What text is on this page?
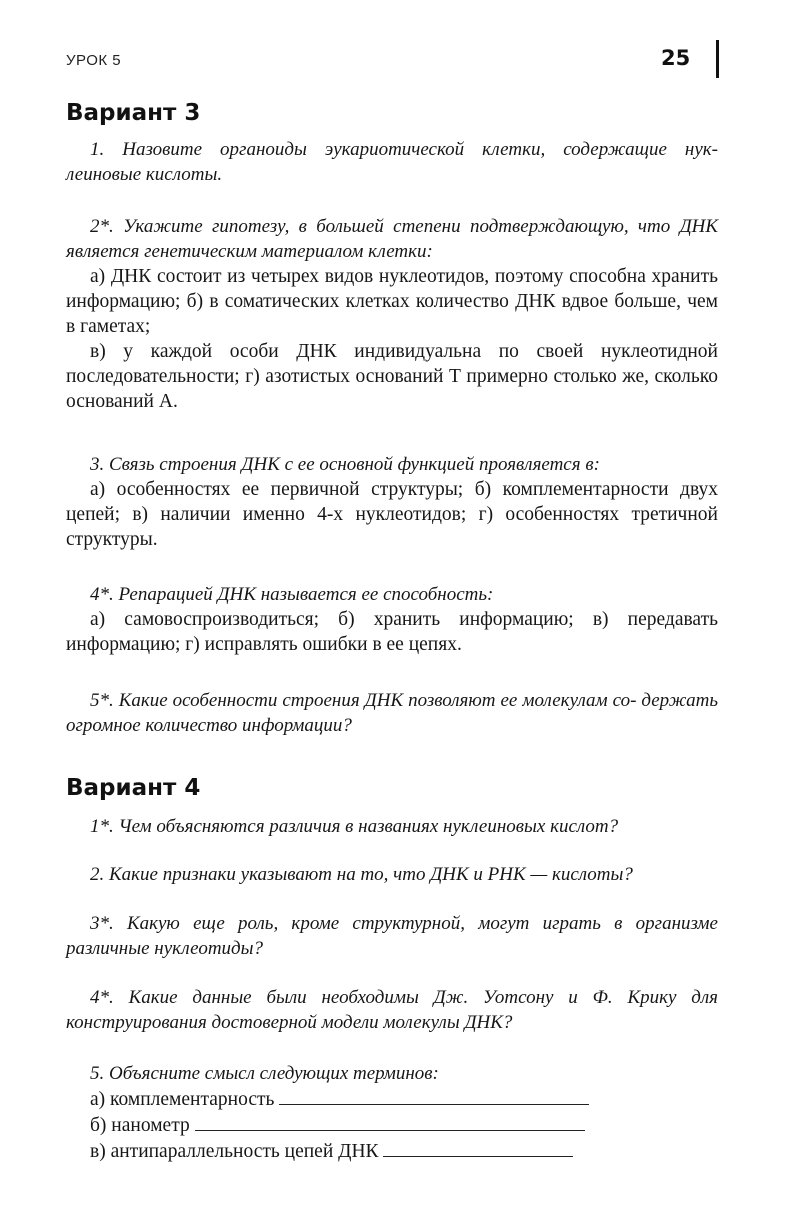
УРОК 5	25
Вариант 3

1. Назовите органоиды эукариотической клетки, содержащие нук- леиновые кислоты.

2*. Укажите гипотезу, в большей степени подтверждающую, что ДНК является генетическим материалом клетки:

а) ДНК состоит из четырех видов нуклеотидов, поэтому способна хранить информацию; б) в соматических клетках количество ДНК вдвое больше, чем в гаметах;

в) у каждой особи ДНК индивидуальна по своей нуклеотидной последовательности; г) азотистых оснований Т примерно столько же, сколько оснований А.

3. Связь строения ДНК с ее основной функцией проявляется в:

а) особенностях ее первичной структуры; б) комплементарности двух цепей; в) наличии именно 4-х нуклеотидов; г) особенностях третичной структуры.

4*. Репарацией ДНК называется ее способность:

а) самовоспроизводиться; б) хранить информацию; в) передавать информацию; г) исправлять ошибки в ее цепях.

5*. Какие особенности строения ДНК позволяют ее молекулам со- держать огромное количество информации?

Вариант 4

1*. Чем объясняются различия в названиях нуклеиновых кислот?

2. Какие признаки указывают на то, что ДНК и РНК — кислоты?

3*. Какую еще роль, кроме структурной, могут играть в организме различные нуклеотиды?

4*. Какие данные были необходимы Дж. Уотсону и Ф. Крику для конструирования достоверной модели молекулы ДНК?

5. Объясните смысл следующих терминов:

а) комплементарность

б) нанометр

в) антипараллельность цепей ДНК
